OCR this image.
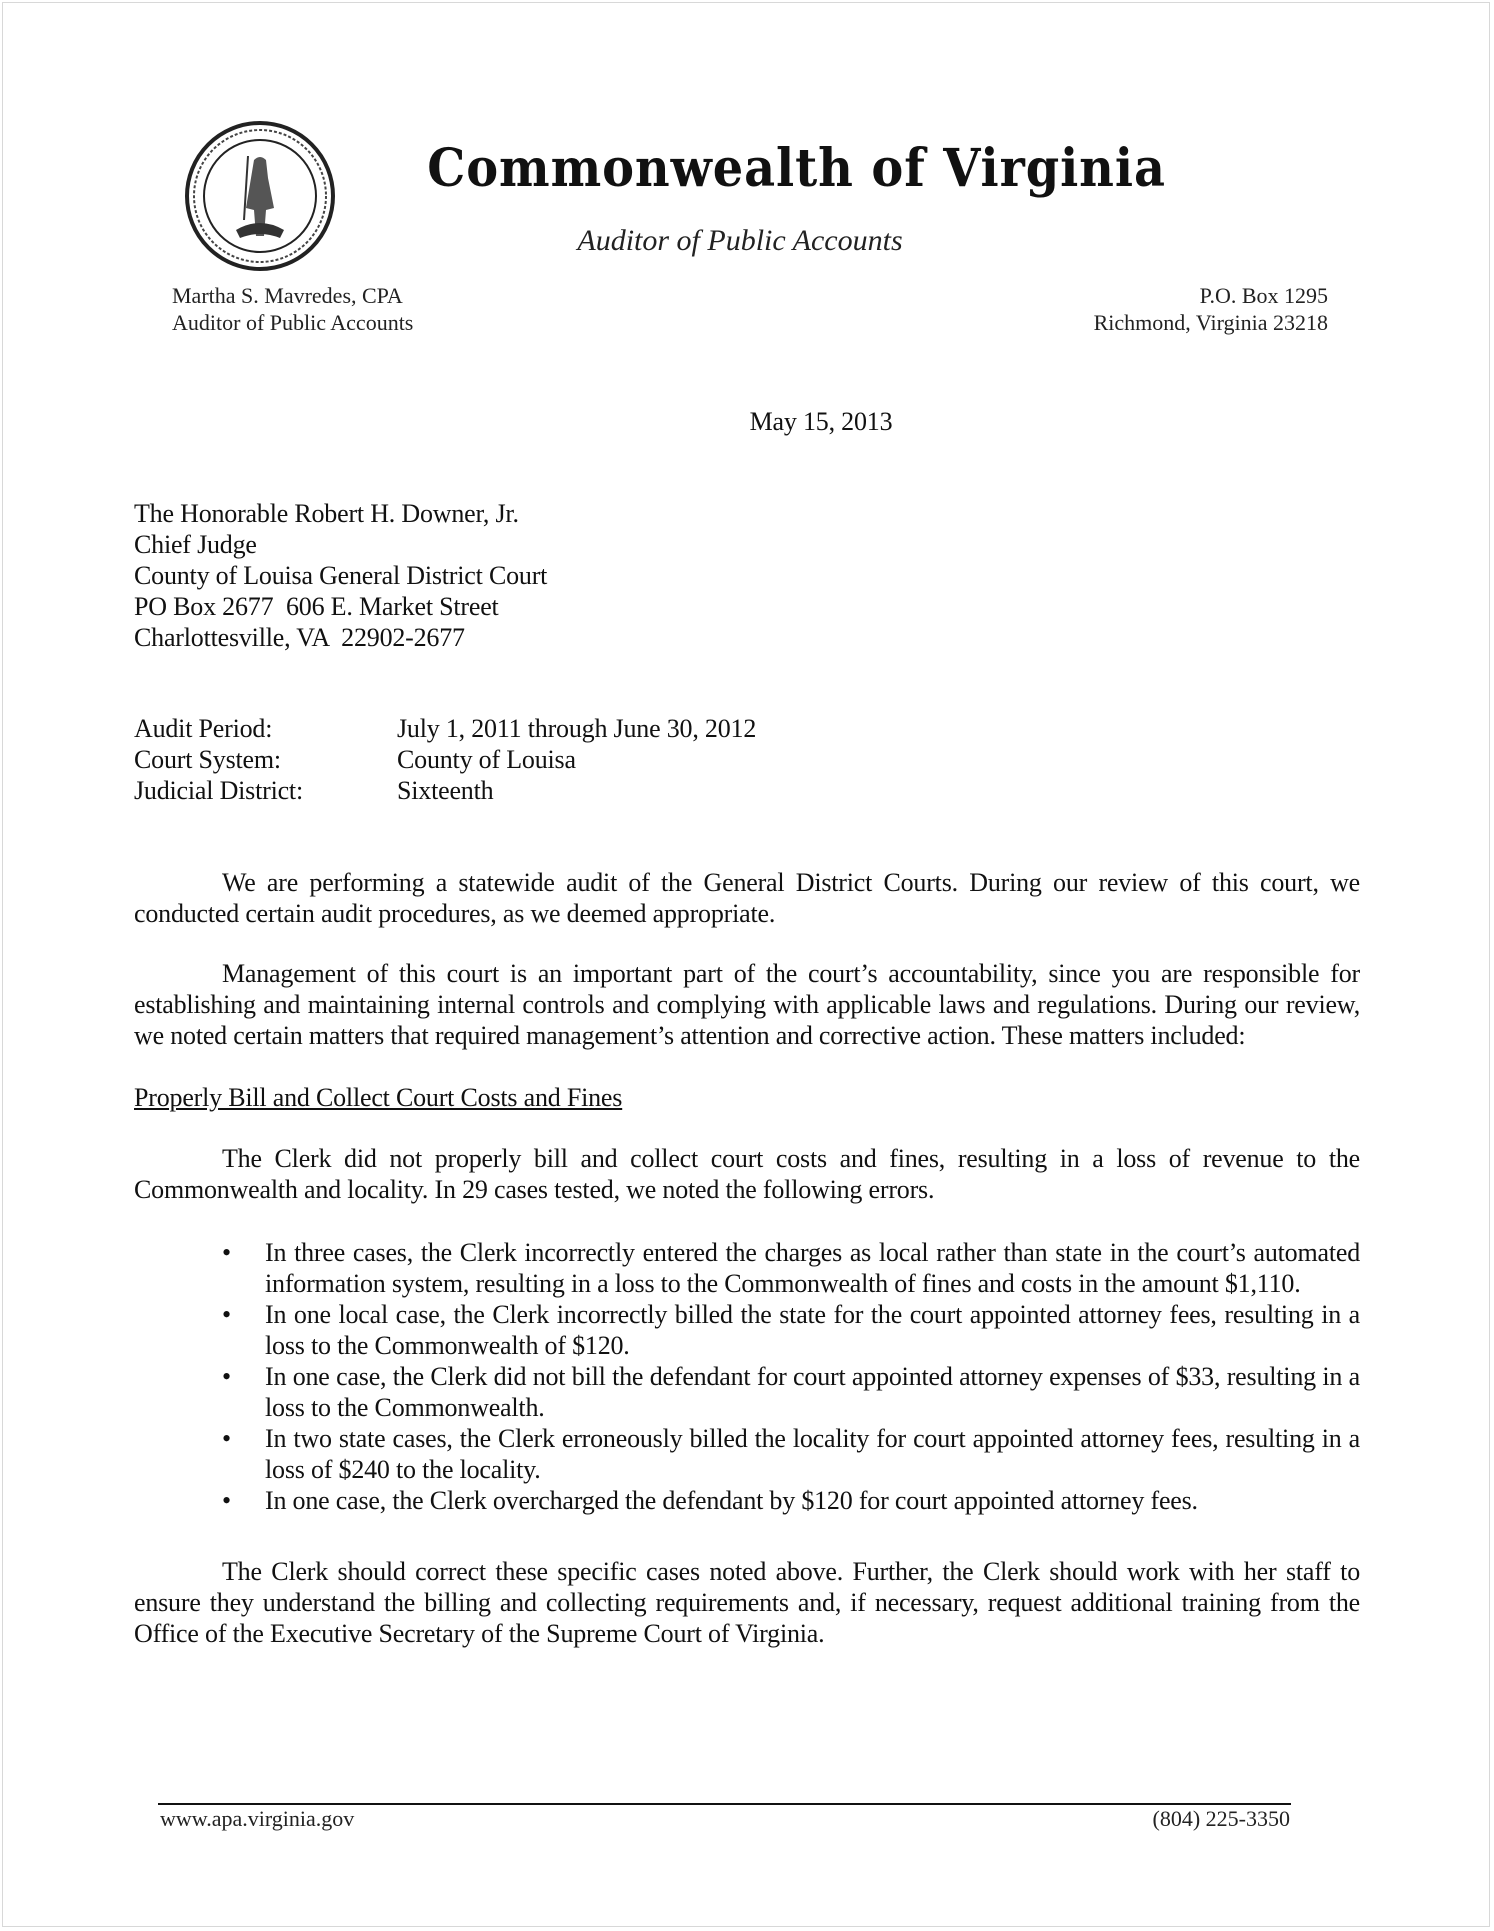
Commonwealth of Virginia
Auditor of Public Accounts
Martha S. Mavredes, CPA
Auditor of Public Accounts
P.O. Box 1295
Richmond, Virginia 23218
May 15, 2013
The Honorable Robert H. Downer, Jr.
Chief Judge
County of Louisa General District Court
PO Box 2677  606 E. Market Street
Charlottesville, VA  22902-2677
Audit Period:	July 1, 2011 through June 30, 2012
Court System:	County of Louisa
Judicial District:	Sixteenth
We are performing a statewide audit of the General District Courts. During our review of this court, we conducted certain audit procedures, as we deemed appropriate.
Management of this court is an important part of the court’s accountability, since you are responsible for establishing and maintaining internal controls and complying with applicable laws and regulations. During our review, we noted certain matters that required management’s attention and corrective action. These matters included:
Properly Bill and Collect Court Costs and Fines
The Clerk did not properly bill and collect court costs and fines, resulting in a loss of revenue to the Commonwealth and locality. In 29 cases tested, we noted the following errors.
• In three cases, the Clerk incorrectly entered the charges as local rather than state in the court’s automated information system, resulting in a loss to the Commonwealth of fines and costs in the amount $1,110.
• In one local case, the Clerk incorrectly billed the state for the court appointed attorney fees, resulting in a loss to the Commonwealth of $120.
• In one case, the Clerk did not bill the defendant for court appointed attorney expenses of $33, resulting in a loss to the Commonwealth.
• In two state cases, the Clerk erroneously billed the locality for court appointed attorney fees, resulting in a loss of $240 to the locality.
• In one case, the Clerk overcharged the defendant by $120 for court appointed attorney fees.
The Clerk should correct these specific cases noted above. Further, the Clerk should work with her staff to ensure they understand the billing and collecting requirements and, if necessary, request additional training from the Office of the Executive Secretary of the Supreme Court of Virginia.
www.apa.virginia.gov	(804) 225-3350
